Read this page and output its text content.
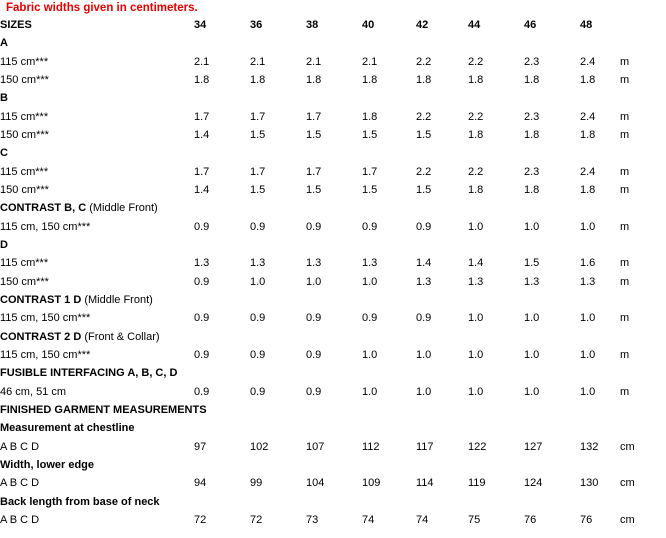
Fabric widths given in centimeters.
SIZES	34	36	38	40	42	44	46	48	
A									
115 cm***	2.1	2.1	2.1	2.1	2.2	2.2	2.3	2.4	m
150 cm***	1.8	1.8	1.8	1.8	1.8	1.8	1.8	1.8	m
B									
115 cm***	1.7	1.7	1.7	1.8	2.2	2.2	2.3	2.4	m
150 cm***	1.4	1.5	1.5	1.5	1.5	1.8	1.8	1.8	m
C									
115 cm***	1.7	1.7	1.7	1.7	2.2	2.2	2.3	2.4	m
150 cm***	1.4	1.5	1.5	1.5	1.5	1.8	1.8	1.8	m
CONTRAST B, C (Middle Front)									
115 cm, 150 cm***	0.9	0.9	0.9	0.9	0.9	1.0	1.0	1.0	m
D									
115 cm***	1.3	1.3	1.3	1.3	1.4	1.4	1.5	1.6	m
150 cm***	0.9	1.0	1.0	1.0	1.3	1.3	1.3	1.3	m
CONTRAST 1 D (Middle Front)									
115 cm, 150 cm***	0.9	0.9	0.9	0.9	0.9	1.0	1.0	1.0	m
CONTRAST 2 D (Front & Collar)									
115 cm, 150 cm***	0.9	0.9	0.9	1.0	1.0	1.0	1.0	1.0	m
FUSIBLE INTERFACING A, B, C, D									
46 cm, 51 cm	0.9	0.9	0.9	1.0	1.0	1.0	1.0	1.0	m
FINISHED GARMENT MEASUREMENTS									
Measurement at chestline									
A B C D	97	102	107	112	117	122	127	132	cm
Width, lower edge									
A B C D	94	99	104	109	114	119	124	130	cm
Back length from base of neck									
A B C D	72	72	73	74	74	75	76	76	cm
